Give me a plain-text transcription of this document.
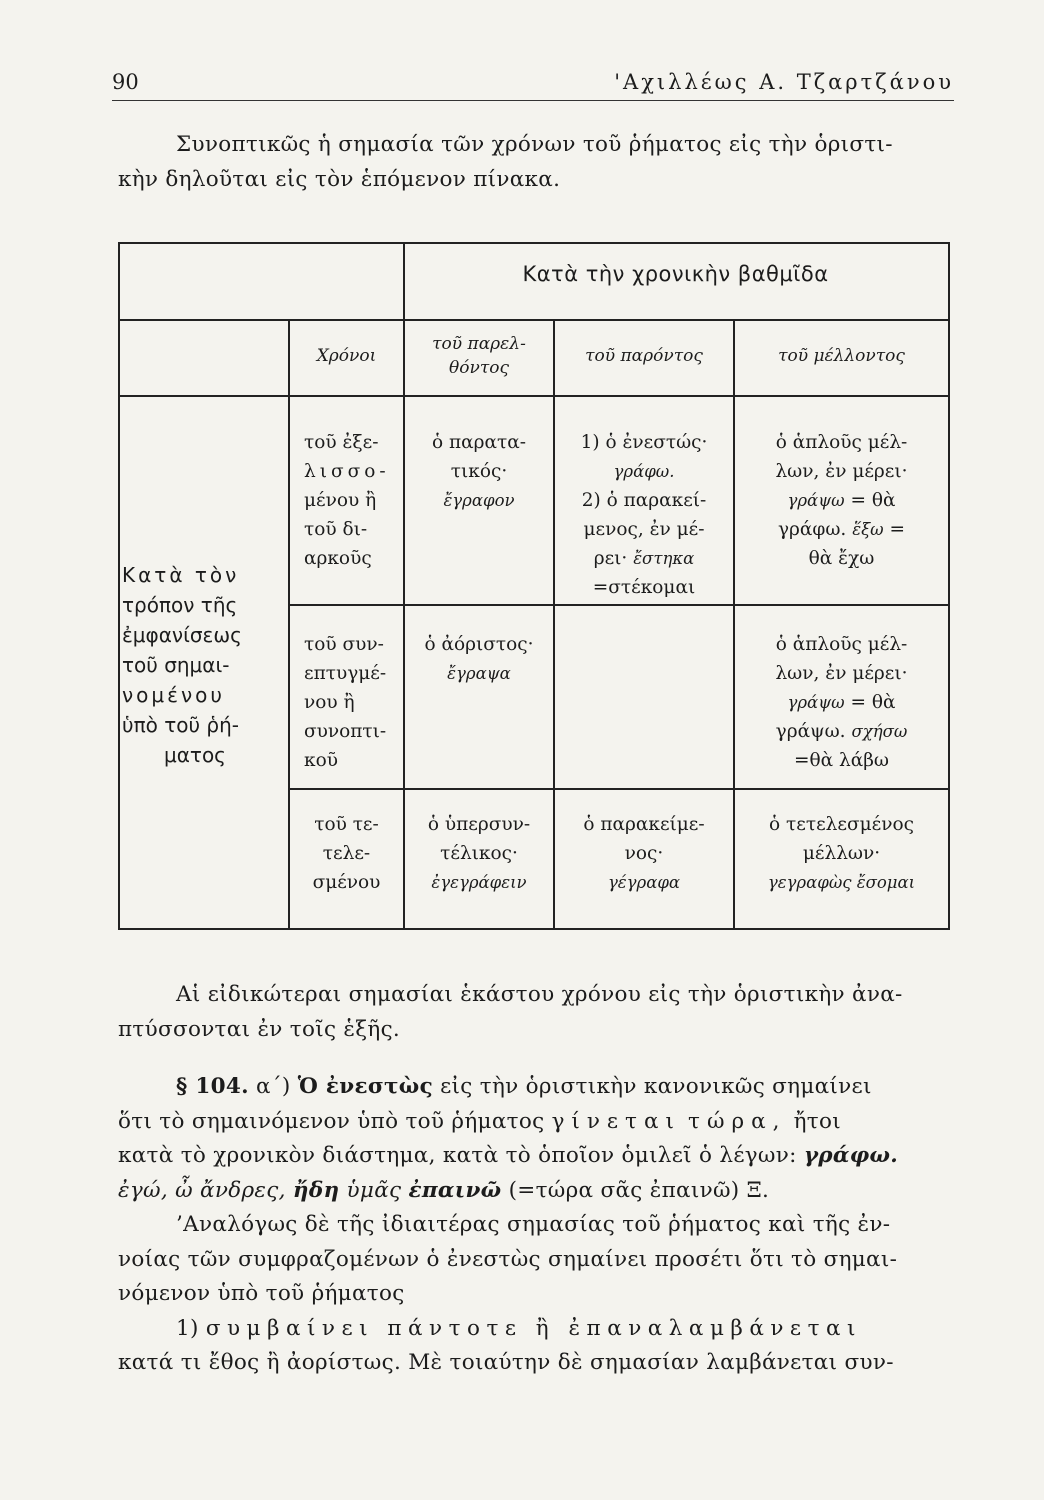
90	'Αχιλλέως Α. Τζαρτζάνου
Συνοπτικῶς ἡ σημασία τῶν χρόνων τοῦ ῥήματος εἰς τὴν ὁριστι-
κὴν δηλοῦται εἰς τὸν ἑπόμενον πίνακα.
Κατὰ τὴν χρονικὴν βαθμῖδα
Χρόνοι
τοῦ παρελ-
θόντος
τοῦ παρόντος	τοῦ μέλλοντος
Κατὰ τὸν
τρόπον τῆς
ἐμφανίσεως
τοῦ σημαι-
νομένου
ὑπὸ τοῦ ῥή-
ματος
τοῦ ἐξε-
λισσο-
μένου ἢ
τοῦ δι-
αρκοῦς
ὁ παρατα-
τικός·
ἔγραφον
1) ὁ ἐνεστώς·
γράφω.
2) ὁ παρακεί-
μενος, ἐν μέ-
ρει· ἔστηκα
=στέκομαι
ὁ ἁπλοῦς μέλ-
λων, ἐν μέρει·
γράψω = θὰ
γράφω. ἕξω =
θὰ ἔχω
τοῦ συν-
επτυγμέ-
νου ἢ
συνοπτι-
κοῦ
ὁ ἀόριστος·
ἔγραψα
ὁ ἁπλοῦς μέλ-
λων, ἐν μέρει·
γράψω = θὰ
γράψω. σχήσω
=θὰ λάβω
τοῦ τε-
τελε-
σμένου
ὁ ὑπερσυν-
τέλικος·
ἐγεγράφειν
ὁ παρακείμε-
νος·
γέγραφα
ὁ τετελεσμένος
μέλλων·
γεγραφὼς ἔσομαι
Αἱ εἰδικώτεραι σημασίαι ἑκάστου χρόνου εἰς τὴν ὁριστικὴν ἀνα-
πτύσσονται ἐν τοῖς ἑξῆς.
§ 104. α΄) Ὁ ἐνεστὼς εἰς τὴν ὁριστικὴν κανονικῶς σημαίνει
ὅτι τὸ σημαινόμενον ὑπὸ τοῦ ῥήματος γίνεται τώρα, ἤτοι
κατὰ τὸ χρονικὸν διάστημα, κατὰ τὸ ὁποῖον ὁμιλεῖ ὁ λέγων: γράφω.
ἐγώ, ὦ ἄνδρες, ἤδη ὑμᾶς ἐπαινῶ (=τώρα σᾶς ἐπαινῶ) Ξ.
’Αναλόγως δὲ τῆς ἰδιαιτέρας σημασίας τοῦ ῥήματος καὶ τῆς ἐν-
νοίας τῶν συμφραζομένων ὁ ἐνεστὼς σημαίνει προσέτι ὅτι τὸ σημαι-
νόμενον ὑπὸ τοῦ ῥήματος
1) συμβαίνει πάντοτε ἢ ἐπαναλαμβάνεται
κατά τι ἔθος ἢ ἀορίστως. Μὲ τοιαύτην δὲ σημασίαν λαμβάνεται συν-
